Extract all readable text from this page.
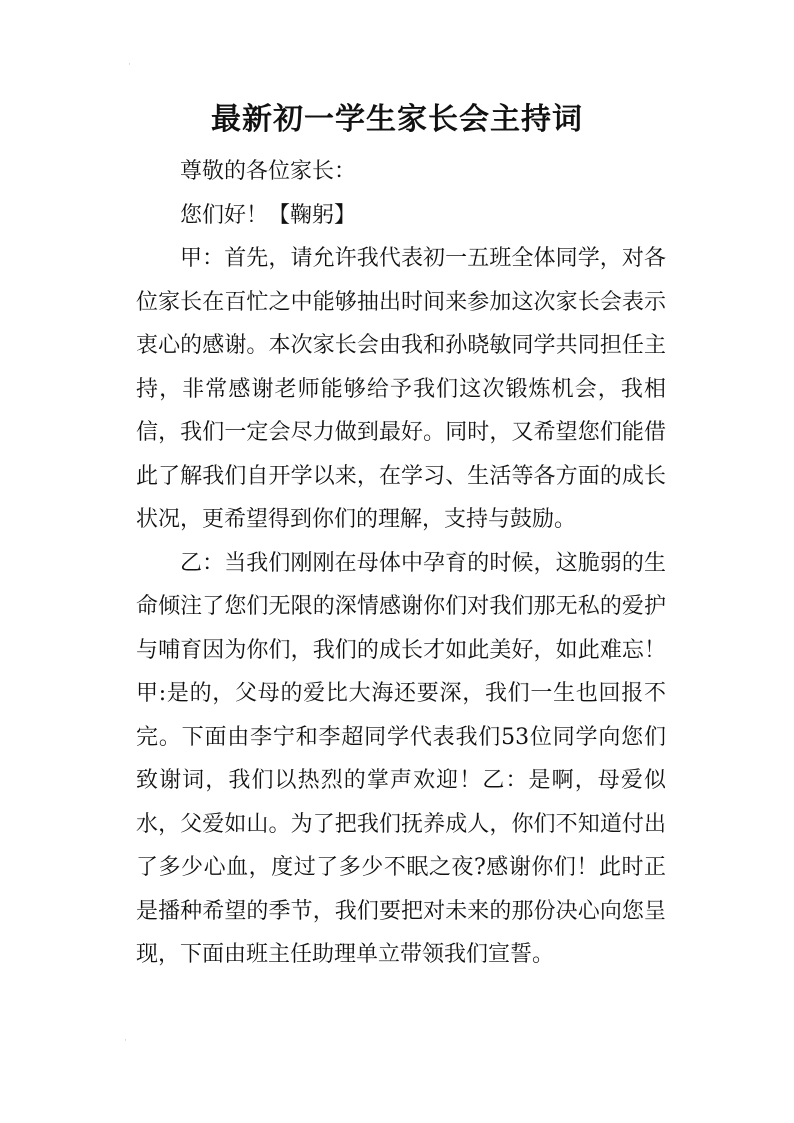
·
·
最新初一学生家长会主持词

尊敬的各位家长：

您们好！【鞠躬】

甲：首先，请允许我代表初一五班全体同学，对各位家长在百忙之中能够抽出时间来参加这次家长会表示衷心的感谢。本次家长会由我和孙晓敏同学共同担任主持，非常感谢老师能够给予我们这次锻炼机会，我相信，我们一定会尽力做到最好。同时，又希望您们能借此了解我们自开学以来，在学习、生活等各方面的成长状况，更希望得到你们的理解，支持与鼓励。

乙：当我们刚刚在母体中孕育的时候，这脆弱的生命倾注了您们无限的深情感谢你们对我们那无私的爱护与哺育因为你们，我们的成长才如此美好，如此难忘！甲:是的，父母的爱比大海还要深，我们一生也回报不完。下面由李宁和李超同学代表我们53位同学向您们致谢词，我们以热烈的掌声欢迎！乙：是啊，母爱似水，父爱如山。为了把我们抚养成人，你们不知道付出了多少心血，度过了多少不眠之夜?感谢你们！此时正是播种希望的季节，我们要把对未来的那份决心向您呈现，下面由班主任助理单立带领我们宣誓。
